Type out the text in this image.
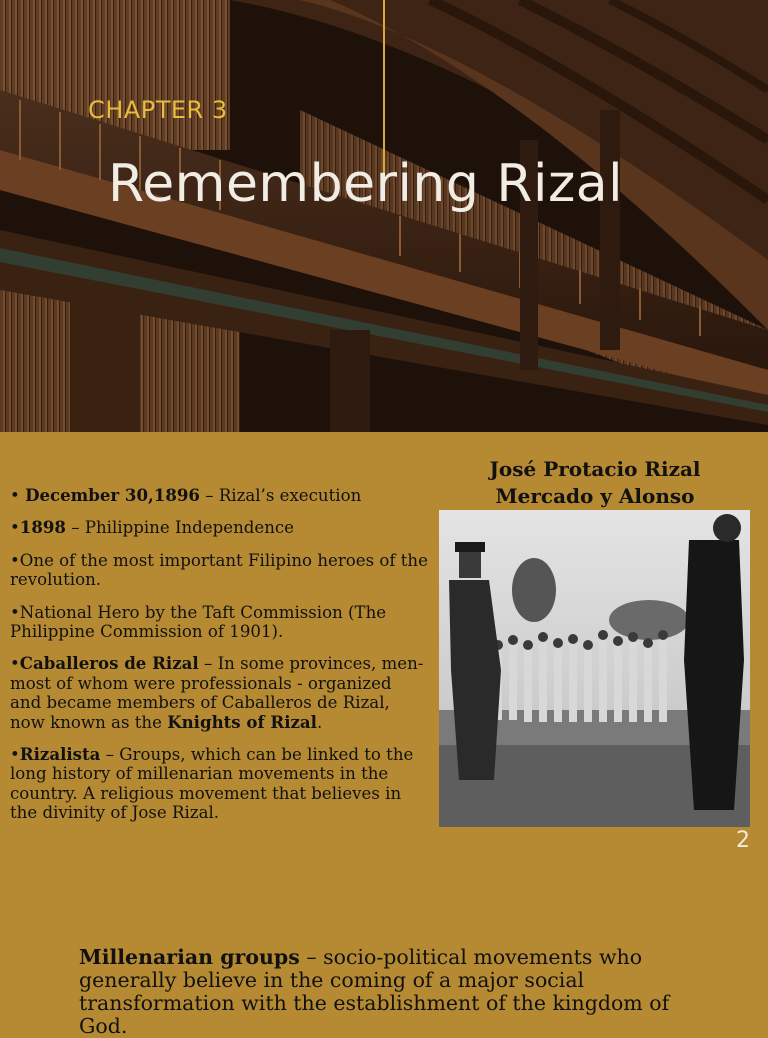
CHAPTER 3
Remembering Rizal

• December 30,1896 – Rizal’s execution

•1898 – Philippine Independence

•One of the most important Filipino heroes of the revolution.

•National Hero by the Taft Commission (The Philippine Commission of 1901).

•Caballeros de Rizal – In some provinces, men-most of whom were professionals - organized and became members of Caballeros de Rizal, now known as the Knights of Rizal.

•Rizalista – Groups, which can be linked to the long history of millenarian movements in the country. A religious movement that believes in the divinity of Jose Rizal.

José Protacio Rizal Mercado y Alonso
2
Millenarian groups – socio-political movements who generally believe in the coming of a major social transformation with the establishment of the kingdom of God.
